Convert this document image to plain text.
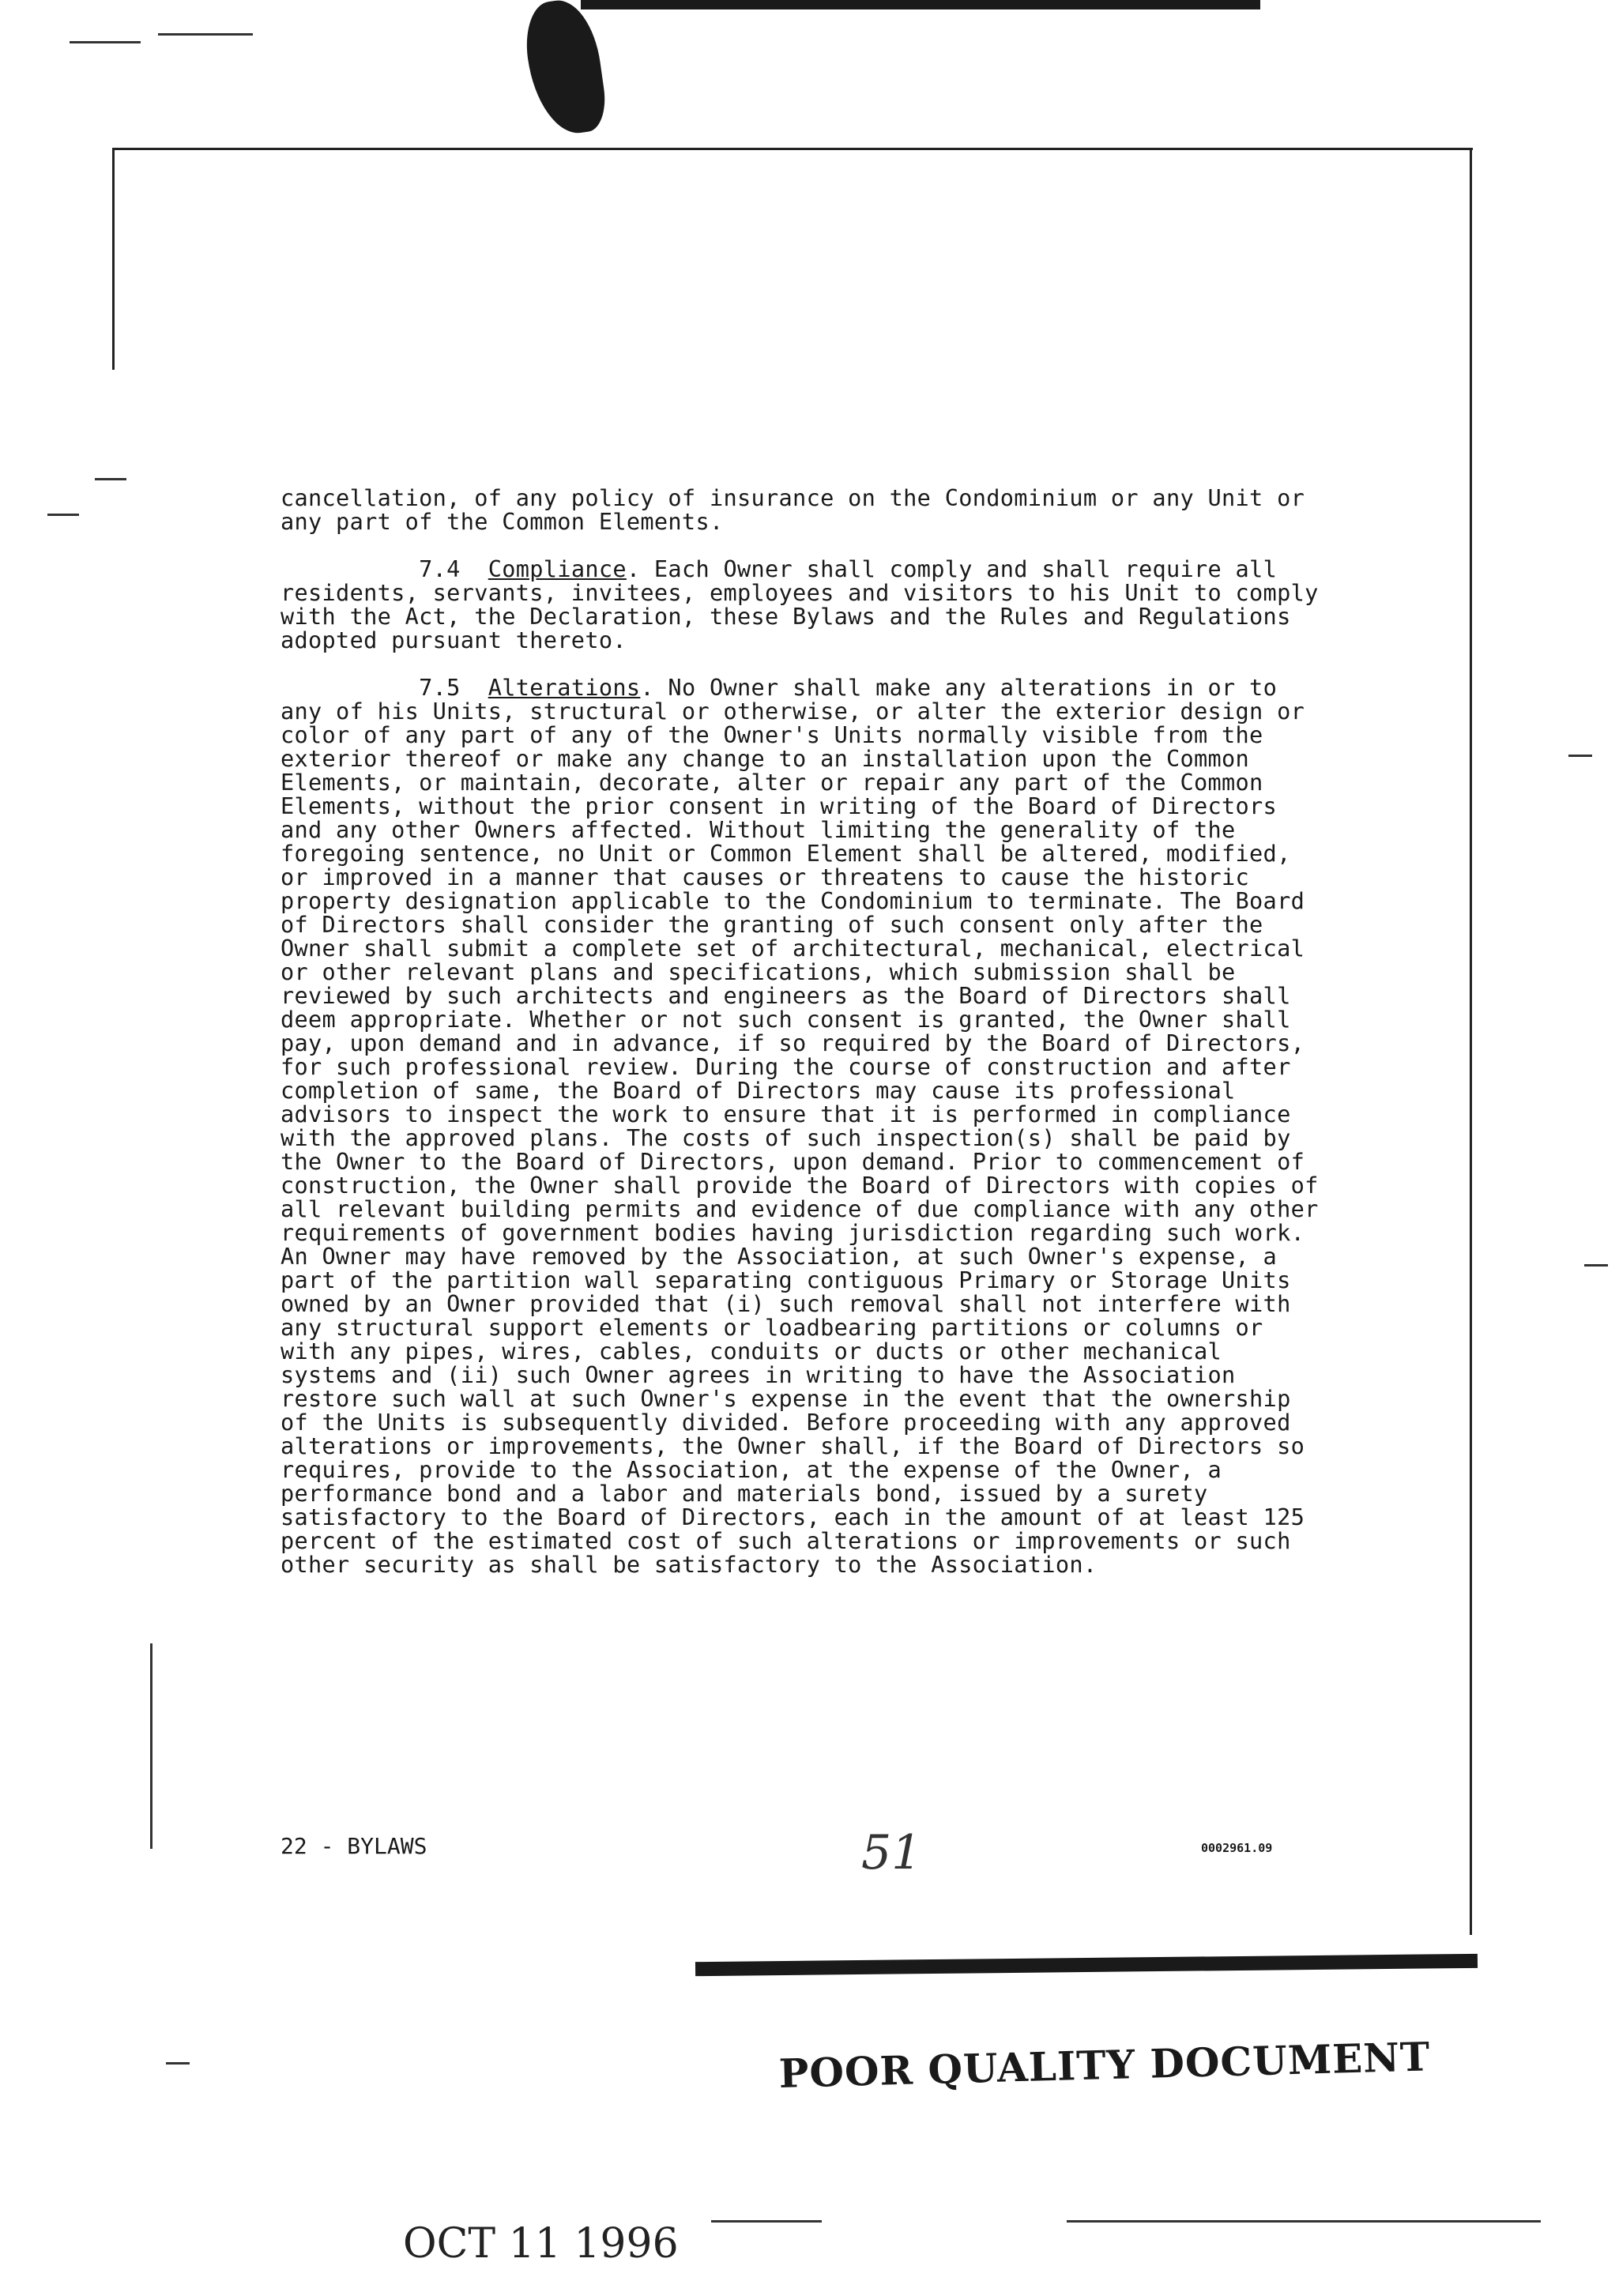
cancellation, of any policy of insurance on the Condominium or any Unit or any part of the Common Elements.

7.4 Compliance. Each Owner shall comply and shall require all residents, servants, invitees, employees and visitors to his Unit to comply with the Act, the Declaration, these Bylaws and the Rules and Regulations adopted pursuant thereto.

7.5 Alterations. No Owner shall make any alterations in or to any of his Units, structural or otherwise, or alter the exterior design or color of any part of any of the Owner's Units normally visible from the exterior thereof or make any change to an installation upon the Common Elements, or maintain, decorate, alter or repair any part of the Common Elements, without the prior consent in writing of the Board of Directors and any other Owners affected. Without limiting the generality of the foregoing sentence, no Unit or Common Element shall be altered, modified, or improved in a manner that causes or threatens to cause the historic property designation applicable to the Condominium to terminate. The Board of Directors shall consider the granting of such consent only after the Owner shall submit a complete set of architectural, mechanical, electrical or other relevant plans and specifications, which submission shall be reviewed by such architects and engineers as the Board of Directors shall deem appropriate. Whether or not such consent is granted, the Owner shall pay, upon demand and in advance, if so required by the Board of Directors, for such professional review. During the course of construction and after completion of same, the Board of Directors may cause its professional advisors to inspect the work to ensure that it is performed in compliance with the approved plans. The costs of such inspection(s) shall be paid by the Owner to the Board of Directors, upon demand. Prior to commencement of construction, the Owner shall provide the Board of Directors with copies of all relevant building permits and evidence of due compliance with any other requirements of government bodies having jurisdiction regarding such work. An Owner may have removed by the Association, at such Owner's expense, a part of the partition wall separating contiguous Primary or Storage Units owned by an Owner provided that (i) such removal shall not interfere with any structural support elements or loadbearing partitions or columns or with any pipes, wires, cables, conduits or ducts or other mechanical systems and (ii) such Owner agrees in writing to have the Association restore such wall at such Owner's expense in the event that the ownership of the Units is subsequently divided. Before proceeding with any approved alterations or improvements, the Owner shall, if the Board of Directors so requires, provide to the Association, at the expense of the Owner, a performance bond and a labor and materials bond, issued by a surety satisfactory to the Board of Directors, each in the amount of at least 125 percent of the estimated cost of such alterations or improvements or such other security as shall be satisfactory to the Association.

22 - BYLAWS	51	0002961.09
POOR QUALITY DOCUMENT
OCT 11 1996
